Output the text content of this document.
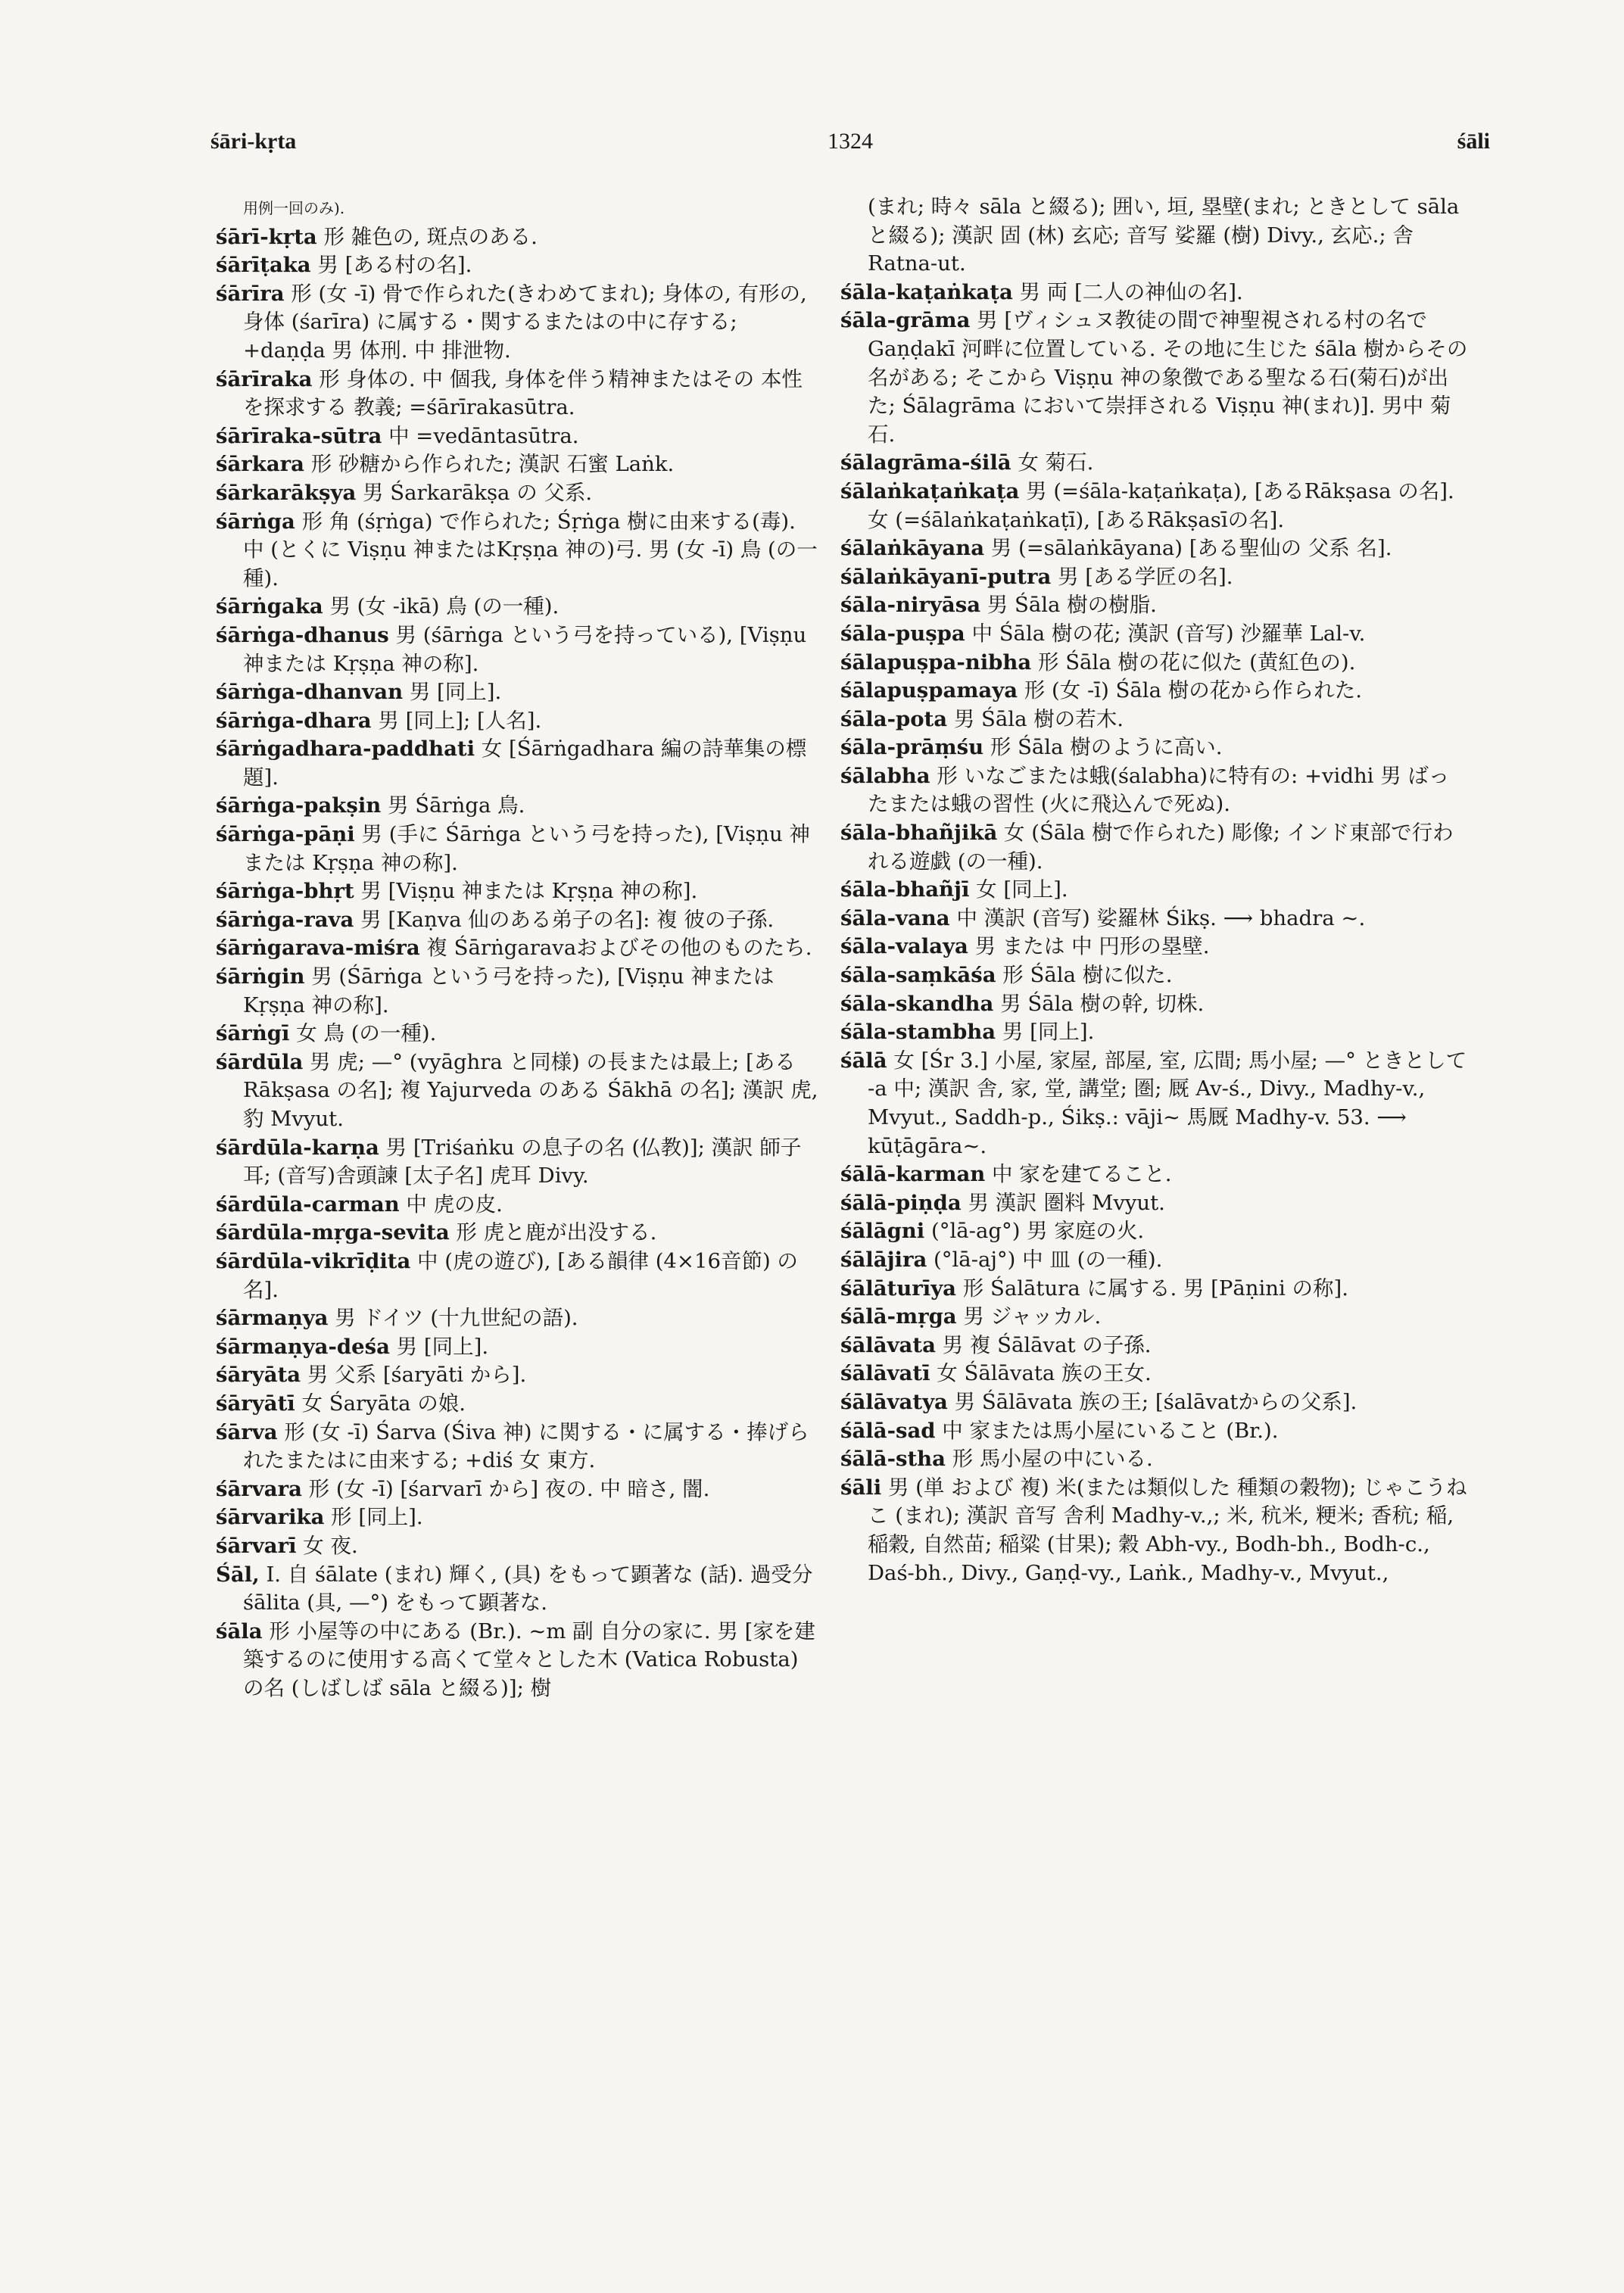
śāri-kṛta	1324	śāli

用例一回のみ).

śārī-kṛta 形 雑色の, 斑点のある.

śārīṭaka 男 [ある村の名].

śārīra 形 (女 -ī) 骨で作られた(きわめてまれ); 身体の, 有形の, 身体 (śarīra) に属する・関するまたはの中に存する; +daṇḍa 男 体刑. 中 排泄物.

śārīraka 形 身体の. 中 個我, 身体を伴う精神またはその 本性を探求する 教義; =śārīrakasūtra.

śārīraka-sūtra 中 =vedāntasūtra.

śārkara 形 砂糖から作られた; 漢訳 石蜜 Laṅk.

śārkarākṣya 男 Śarkarākṣa の 父系.

śārṅga 形 角 (śṛṅga) で作られた; Śṛṅga 樹に由来する(毒). 中 (とくに Viṣṇu 神またはKṛṣṇa 神の)弓. 男 (女 -ī) 鳥 (の一種).

śārṅgaka 男 (女 -ikā) 鳥 (の一種).

śārṅga-dhanus 男 (śārṅga という弓を持っている), [Viṣṇu 神または Kṛṣṇa 神の称].

śārṅga-dhanvan 男 [同上].

śārṅga-dhara 男 [同上]; [人名].

śārṅgadhara-paddhati 女 [Śārṅgadhara 編の詩華集の標題].

śārṅga-pakṣin 男 Śārṅga 鳥.

śārṅga-pāṇi 男 (手に Śārṅga という弓を持った), [Viṣṇu 神または Kṛṣṇa 神の称].

śārṅga-bhṛt 男 [Viṣṇu 神または Kṛṣṇa 神の称].

śārṅga-rava 男 [Kaṇva 仙のある弟子の名]: 複 彼の子孫.

śārṅgarava-miśra 複 Śārṅgaravaおよびその他のものたち.

śārṅgin 男 (Śārṅga という弓を持った), [Viṣṇu 神または Kṛṣṇa 神の称].

śārṅgī 女 鳥 (の一種).

śārdūla 男 虎; —° (vyāghra と同様) の長または最上; [ある Rākṣasa の名]; 複 Yajurveda のある Śākhā の名]; 漢訳 虎, 豹 Mvyut.

śārdūla-karṇa 男 [Triśaṅku の息子の名 (仏教)]; 漢訳 師子耳; (音写)舎頭諫 [太子名] 虎耳 Divy.

śārdūla-carman 中 虎の皮.

śārdūla-mṛga-sevita 形 虎と鹿が出没する.

śārdūla-vikrīḍita 中 (虎の遊び), [ある韻律 (4×16音節) の名].

śārmaṇya 男 ドイツ (十九世紀の語).

śārmaṇya-deśa 男 [同上].

śāryāta 男 父系 [śaryāti から].

śāryātī 女 Śaryāta の娘.

śārva 形 (女 -ī) Śarva (Śiva 神) に関する・に属する・捧げられたまたはに由来する; +diś 女 東方.

śārvara 形 (女 -ī) [śarvarī から] 夜の. 中 暗さ, 闇.

śārvarika 形 [同上].

śārvarī 女 夜.

Śāl, I. 自 śālate (まれ) 輝く, (具) をもって顕著な (話). 過受分 śālita (具, —°) をもって顕著な.

śāla 形 小屋等の中にある (Br.). ~m 副 自分の家に. 男 [家を建築するのに使用する高くて堂々とした木 (Vatica Robusta) の名 (しばしば sāla と綴る)]; 樹

(まれ; 時々 sāla と綴る); 囲い, 垣, 塁壁(まれ; ときとして sāla と綴る); 漢訳 固 (林) 玄応; 音写 娑羅 (樹) Divy., 玄応.; 舎 Ratna-ut.

śāla-kaṭaṅkaṭa 男 両 [二人の神仙の名].

śāla-grāma 男 [ヴィシュヌ教徒の間で神聖視される村の名で Gaṇḍakī 河畔に位置している. その地に生じた śāla 樹からその名がある; そこから Viṣṇu 神の象徴である聖なる石(菊石)が出た; Śālagrāma において崇拝される Viṣṇu 神(まれ)]. 男中 菊石.

śālagrāma-śilā 女 菊石.

śālaṅkaṭaṅkaṭa 男 (=śāla-kaṭaṅkaṭa), [あるRākṣasa の名]. 女 (=śālaṅkaṭaṅkaṭī), [あるRākṣasīの名].

śālaṅkāyana 男 (=sālaṅkāyana) [ある聖仙の 父系 名].

śālaṅkāyanī-putra 男 [ある学匠の名].

śāla-niryāsa 男 Śāla 樹の樹脂.

śāla-puṣpa 中 Śāla 樹の花; 漢訳 (音写) 沙羅華 Lal-v.

śālapuṣpa-nibha 形 Śāla 樹の花に似た (黄紅色の).

śālapuṣpamaya 形 (女 -ī) Śāla 樹の花から作られた.

śāla-pota 男 Śāla 樹の若木.

śāla-prāṃśu 形 Śāla 樹のように高い.

śālabha 形 いなごまたは蛾(śalabha)に特有の: +vidhi 男 ばったまたは蛾の習性 (火に飛込んで死ぬ).

śāla-bhañjikā 女 (Śāla 樹で作られた) 彫像; インド東部で行われる遊戯 (の一種).

śāla-bhañjī 女 [同上].

śāla-vana 中 漢訳 (音写) 娑羅林 Śikṣ. ⟶ bhadra ~.

śāla-valaya 男 または 中 円形の塁壁.

śāla-saṃkāśa 形 Śāla 樹に似た.

śāla-skandha 男 Śāla 樹の幹, 切株.

śāla-stambha 男 [同上].

śālā 女 [Śr 3.] 小屋, 家屋, 部屋, 室, 広間; 馬小屋; —° ときとして -a 中; 漢訳 舎, 家, 堂, 講堂; 圏; 厩 Av-ś., Divy., Madhy-v., Mvyut., Saddh-p., Śikṣ.: vāji~ 馬厩 Madhy-v. 53. ⟶ kūṭāgāra~.

śālā-karman 中 家を建てること.

śālā-piṇḍa 男 漢訳 圏料 Mvyut.

śālāgni (°lā-ag°) 男 家庭の火.

śālājira (°lā-aj°) 中 皿 (の一種).

śālāturīya 形 Śalātura に属する. 男 [Pāṇini の称].

śālā-mṛga 男 ジャッカル.

śālāvata 男 複 Śālāvat の子孫.

śālāvatī 女 Śālāvata 族の王女.

śālāvatya 男 Śālāvata 族の王; [śalāvatからの父系].

śālā-sad 中 家または馬小屋にいること (Br.).

śālā-stha 形 馬小屋の中にいる.

śāli 男 (単 および 複) 米(または類似した 種類の穀物); じゃこうねこ (まれ); 漢訳 音写 舎利 Madhy-v.,; 米, 秔米, 粳米; 香秔; 稲, 稲穀, 自然苗; 稲粱 (甘果); 穀 Abh-vy., Bodh-bh., Bodh-c., Daś-bh., Divy., Gaṇḍ-vy., Laṅk., Madhy-v., Mvyut.,
